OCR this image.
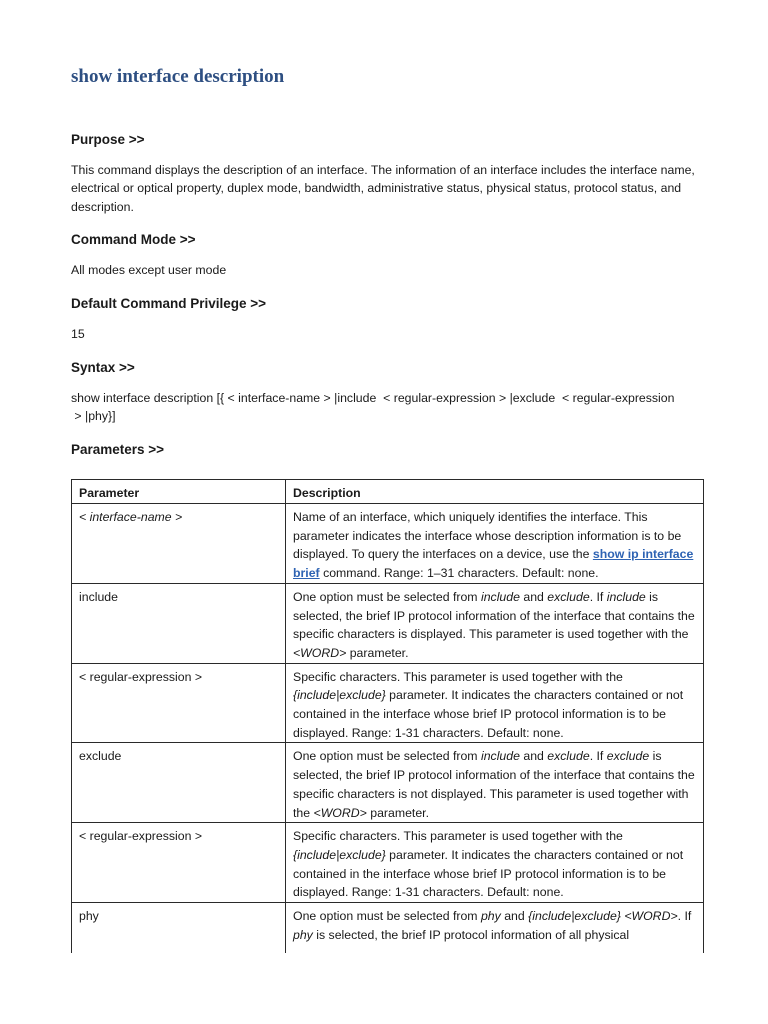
show interface description
Purpose >>

This command displays the description of an interface. The information of an interface includes the interface name, electrical or optical property, duplex mode, bandwidth, administrative status, physical status, protocol status, and description.

Command Mode >>

All modes except user mode

Default Command Privilege >>

15

Syntax >>

show interface description [{ < interface-name > |include  < regular-expression > |exclude  < regular-expression
> |phy}]

Parameters >>
Parameter	Description
< interface-name >	Name of an interface, which uniquely identifies the interface. This parameter indicates the interface whose description information is to be displayed. To query the interfaces on a device, use the show ip interface brief command. Range: 1–31 characters. Default: none.
include	One option must be selected from include and exclude. If include is selected, the brief IP protocol information of the interface that contains the specific characters is displayed. This parameter is used together with the <WORD> parameter.
< regular-expression >	Specific characters. This parameter is used together with the {include|exclude} parameter. It indicates the characters contained or not contained in the interface whose brief IP protocol information is to be displayed. Range: 1-31 characters. Default: none.
exclude	One option must be selected from include and exclude. If exclude is selected, the brief IP protocol information of the interface that contains the specific characters is not displayed. This parameter is used together with the <WORD> parameter.
< regular-expression >	Specific characters. This parameter is used together with the {include|exclude} parameter. It indicates the characters contained or not contained in the interface whose brief IP protocol information is to be displayed. Range: 1-31 characters. Default: none.
phy	One option must be selected from phy and {include|exclude} <WORD>. If phy is selected, the brief IP protocol information of all physical
